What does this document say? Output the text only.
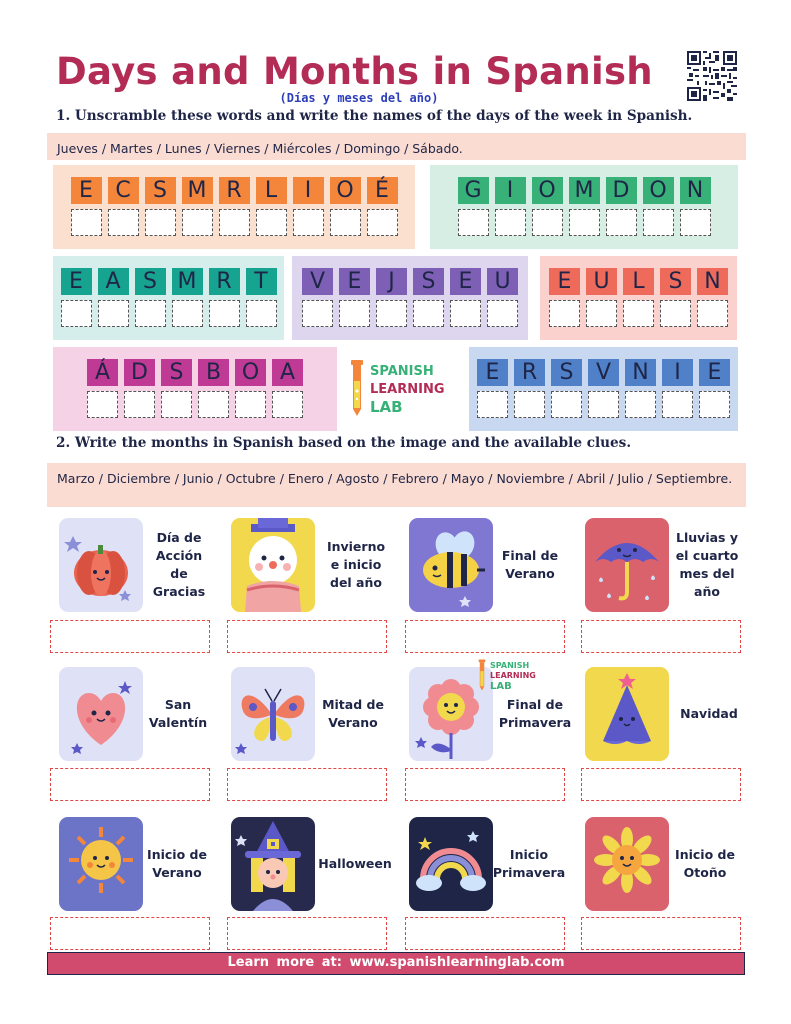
Days and Months in Spanish
(Días y meses del año)
1. Unscramble these words and write the names of the days of the week in Spanish.
Jueves / Martes / Lunes / Viernes / Miércoles / Domingo / Sábado.
E	C	S M R	L	I	O É	G	I	O M D O N
E	A	S M R	T	V	E	J	S	E U	E U	L	S N
Á D S	B O A	E	R	S	V N	I	E
SPANISH
LEARNING
LAB
2. Write the months in Spanish based on the image and the available clues.
Marzo / Diciembre / Junio / Octubre / Enero / Agosto / Febrero / Mayo / Noviembre / Abril / Julio / Septiembre.
Día de
Acción
de
Gracias
Invierno
e inicio
del año
Final de
Verano
Lluvias y
el cuarto
mes del
año
San
Valentín
Mitad de
Verano
Final de
Primavera
Navidad
Inicio de
Verano
Halloween
Inicio
Primavera
Inicio de
Otoño
SPANISH
LEARNING
LAB
Learn more at: www.spanishlearninglab.com
